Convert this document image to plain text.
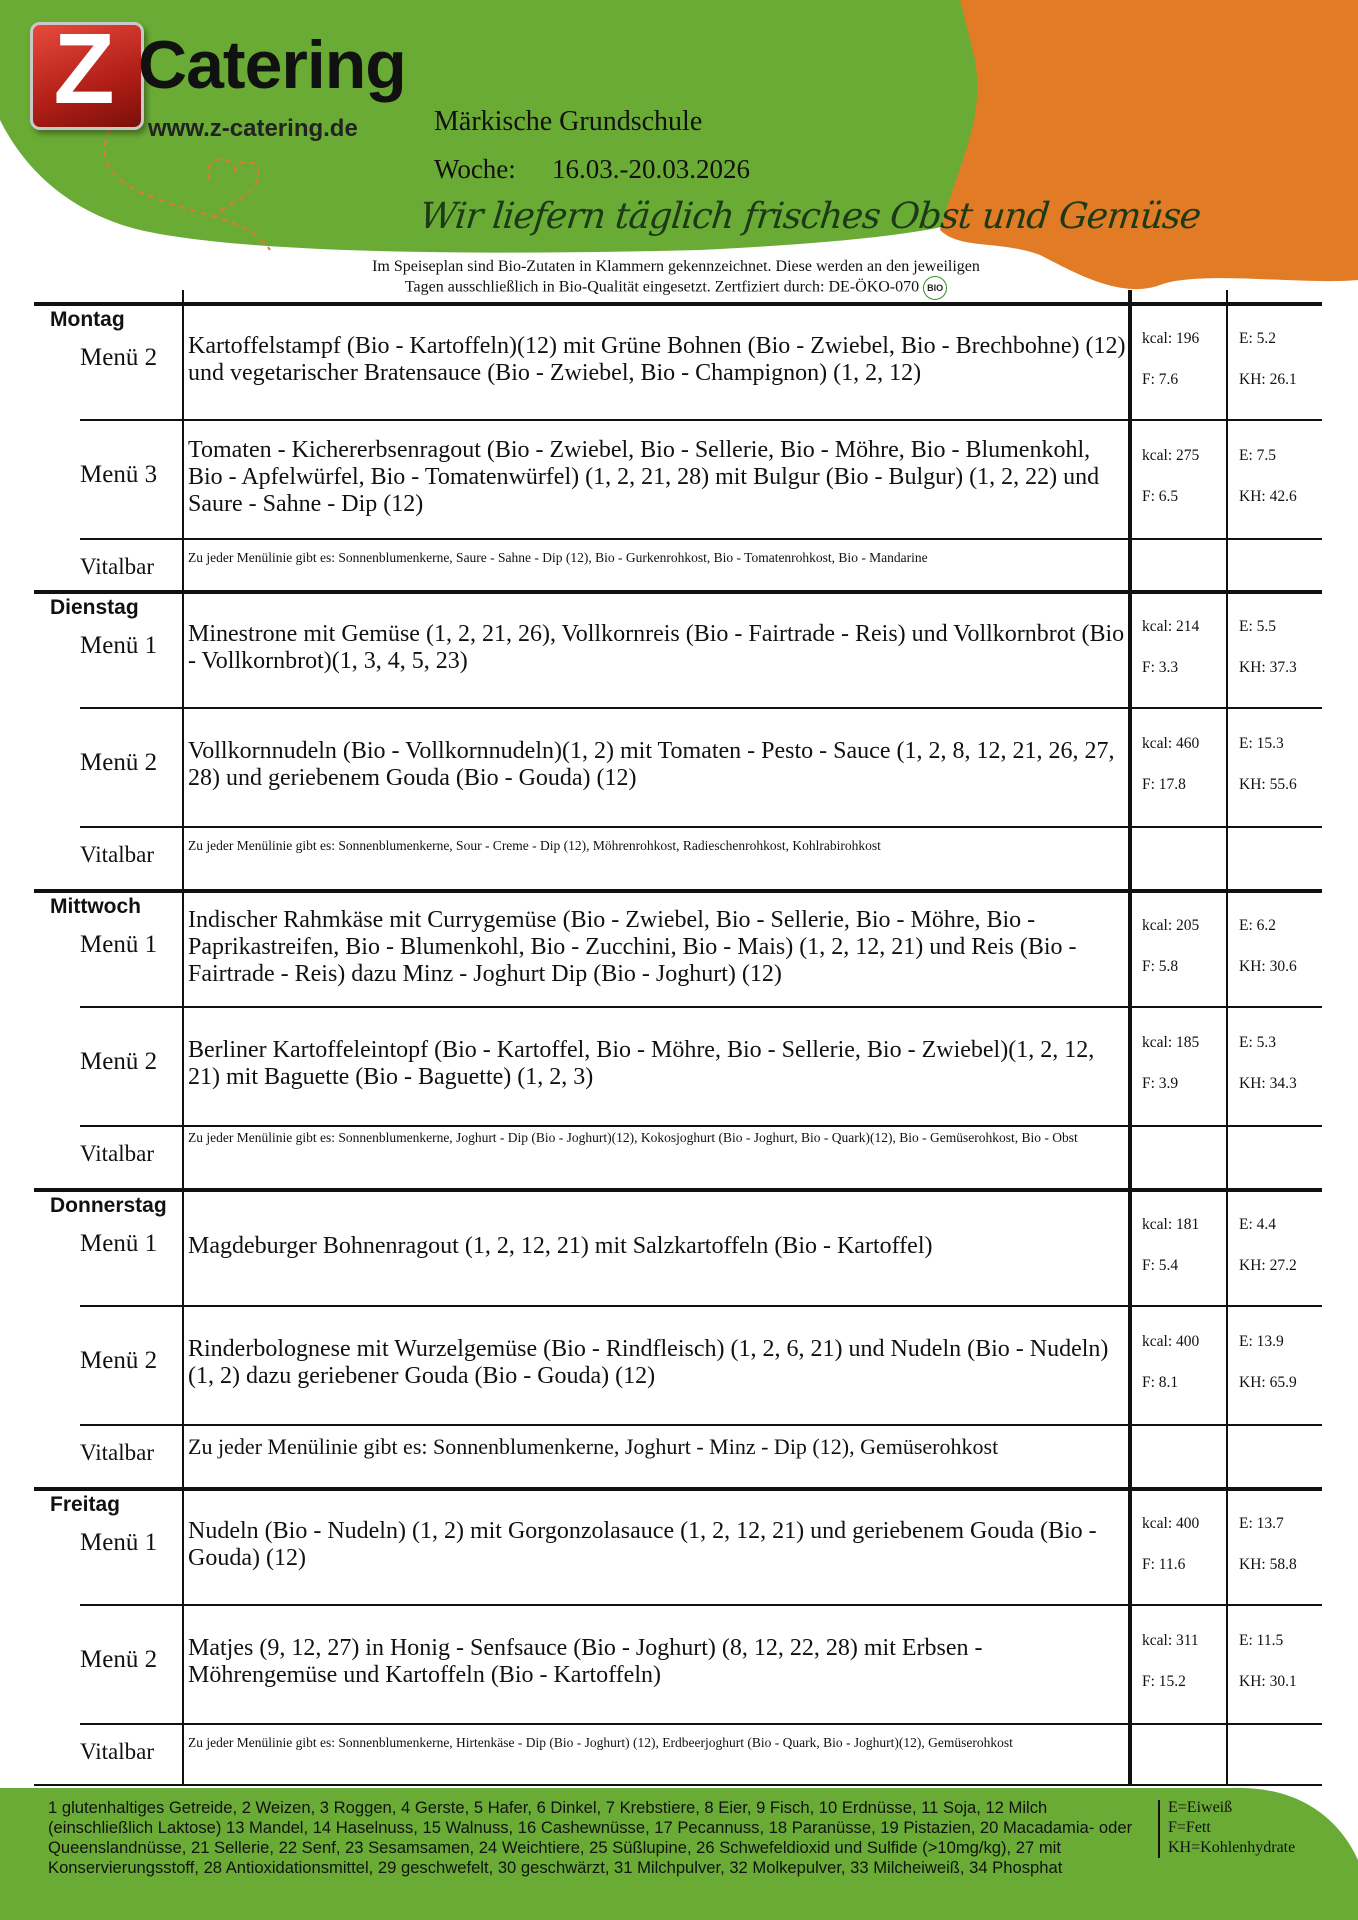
Z Catering
www.z-catering.de	Märkische Grundschule
Woche: 16.03.-20.03.2026
Wir liefern täglich frisches Obst und Gemüse
Im Speiseplan sind Bio-Zutaten in Klammern gekennzeichnet. Diese werden an den jeweiligen
Tagen ausschließlich in Bio-Qualität eingesetzt. Zertfiziert durch: DE-ÖKO-070 BIO
Montag
Menü 2 Kartoffelstampf (Bio - Kartoffeln)(12) mit Grüne Bohnen (Bio - Zwiebel, Bio - Brechbohne) (12) und vegetarischer Bratensauce (Bio - Zwiebel, Bio - Champignon) (1, 2, 12)
kcal: 196	E: 5.2
F: 7.6	KH: 26.1
Menü 3
Tomaten - Kichererbsenragout (Bio - Zwiebel, Bio - Sellerie, Bio - Möhre, Bio - Blumenkohl, Bio - Apfelwürfel, Bio - Tomatenwürfel) (1, 2, 21, 28) mit Bulgur (Bio - Bulgur) (1, 2, 22) und Saure - Sahne - Dip (12)
kcal: 275	E: 7.5
F: 6.5	KH: 42.6
Vitalbar	Zu jeder Menülinie gibt es: Sonnenblumenkerne, Saure - Sahne - Dip (12), Bio - Gurkenrohkost, Bio - Tomatenrohkost, Bio - Mandarine
Dienstag
Menü 1 Minestrone mit Gemüse (1, 2, 21, 26), Vollkornreis (Bio - Fairtrade - Reis) und Vollkornbrot (Bio - Vollkornbrot)(1, 3, 4, 5, 23)
kcal: 214	E: 5.5
F: 3.3	KH: 37.3
Menü 2 Vollkornnudeln (Bio - Vollkornnudeln)(1, 2) mit Tomaten - Pesto - Sauce (1, 2, 8, 12, 21, 26, 27, 28) und geriebenem Gouda (Bio - Gouda) (12)
kcal: 460	E: 15.3
F: 17.8	KH: 55.6
Vitalbar	Zu jeder Menülinie gibt es: Sonnenblumenkerne, Sour - Creme - Dip (12), Möhrenrohkost, Radieschenrohkost, Kohlrabirohkost
Mittwoch
Menü 1
Indischer Rahmkäse mit Currygemüse (Bio - Zwiebel, Bio - Sellerie, Bio - Möhre, Bio - Paprikastreifen, Bio - Blumenkohl, Bio - Zucchini, Bio - Mais) (1, 2, 12, 21) und Reis (Bio - Fairtrade - Reis) dazu Minz - Joghurt Dip (Bio - Joghurt) (12)
kcal: 205	E: 6.2
F: 5.8	KH: 30.6
Menü 2 Berliner Kartoffeleintopf (Bio - Kartoffel, Bio - Möhre, Bio - Sellerie, Bio - Zwiebel)(1, 2, 12, 21) mit Baguette (Bio - Baguette) (1, 2, 3)
kcal: 185	E: 5.3
F: 3.9	KH: 34.3
Vitalbar
Zu jeder Menülinie gibt es: Sonnenblumenkerne, Joghurt - Dip (Bio - Joghurt)(12), Kokosjoghurt (Bio - Joghurt, Bio - Quark)(12), Bio - Gemüserohkost, Bio - Obst
Donnerstag
Menü 1 Magdeburger Bohnenragout (1, 2, 12, 21) mit Salzkartoffeln (Bio - Kartoffel)
kcal: 181	E: 4.4
F: 5.4	KH: 27.2
Menü 2 Rinderbolognese mit Wurzelgemüse (Bio - Rindfleisch) (1, 2, 6, 21) und Nudeln (Bio - Nudeln)(1, 2) dazu geriebener Gouda (Bio - Gouda) (12)
kcal: 400	E: 13.9
F: 8.1	KH: 65.9
Vitalbar Zu jeder Menülinie gibt es: Sonnenblumenkerne, Joghurt - Minz - Dip (12), Gemüserohkost
Freitag
Menü 1 Nudeln (Bio - Nudeln) (1, 2) mit Gorgonzolasauce (1, 2, 12, 21) und geriebenem Gouda (Bio - Gouda) (12)
kcal: 400	E: 13.7
F: 11.6	KH: 58.8
Menü 2 Matjes (9, 12, 27) in Honig - Senfsauce (Bio - Joghurt) (8, 12, 22, 28) mit Erbsen - Möhrengemüse und Kartoffeln (Bio - Kartoffeln)
kcal: 311	E: 11.5
F: 15.2	KH: 30.1
Vitalbar	Zu jeder Menülinie gibt es: Sonnenblumenkerne, Hirtenkäse - Dip (Bio - Joghurt) (12), Erdbeerjoghurt (Bio - Quark, Bio - Joghurt)(12), Gemüserohkost
1 glutenhaltiges Getreide, 2 Weizen, 3 Roggen, 4 Gerste, 5 Hafer, 6 Dinkel, 7 Krebstiere, 8 Eier, 9 Fisch, 10 Erdnüsse, 11 Soja, 12 Milch (einschließlich Laktose) 13 Mandel, 14 Haselnuss, 15 Walnuss, 16 Cashewnüsse, 17 Pecannuss, 18 Paranüsse, 19 Pistazien, 20 Macadamia- oder Queenslandnüsse, 21 Sellerie, 22 Senf, 23 Sesamsamen, 24 Weichtiere, 25 Süßlupine, 26 Schwefeldioxid und Sulfide (>10mg/kg), 27 mit Konservierungsstoff, 28 Antioxidationsmittel, 29 geschwefelt, 30 geschwärzt, 31 Milchpulver, 32 Molkepulver, 33 Milcheiweiß, 34 Phosphat
E=Eiweiß
F=Fett
KH=Kohlenhydrate
